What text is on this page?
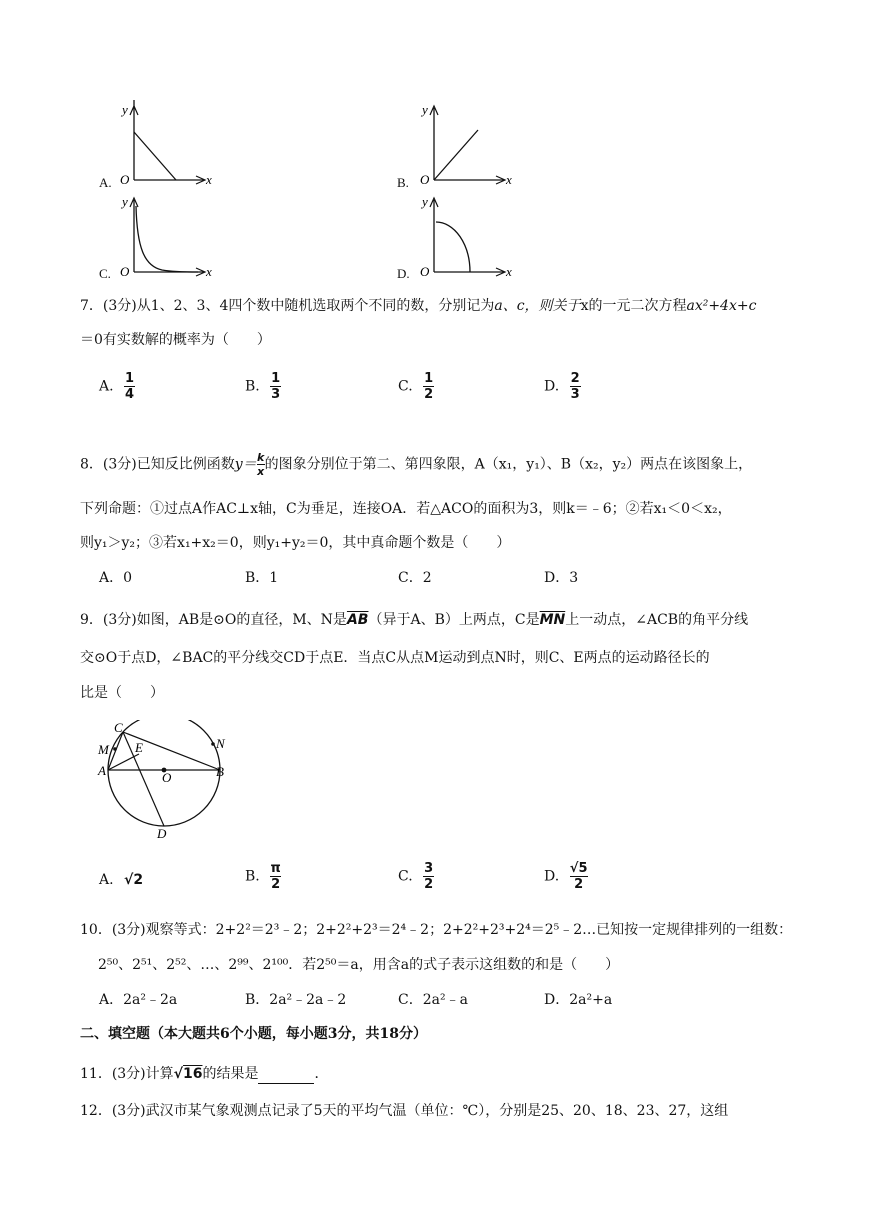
A.
y
x
O	B.
y
x
O
C.
y
x
O	D.
y
x
O
7．(3分)从1、2、3、4四个数中随机选取两个不同的数，分别记为a、c，则关于x的一元二次方程ax²+4x+c
＝0有实数解的概率为（　　）
A. $\frac{1}{4}$	B. $\frac{1}{3}$	C. $\frac{1}{2}$	D. $\frac{2}{3}$
8．(3分)已知反比例函数$y= \frac{k}{x}$ 的图象分别位于第二、第四象限，A（x₁，y₁）、B（x₂，y₂）两点在该图象上，
下列命题：①过点A作AC⊥x轴，C为垂足，连接OA．若△ACO的面积为3，则k＝﹣6；②若x₁＜0＜x₂，
则y₁＞y₂；③若x₁+x₂＝0，则y₁+y₂＝0，其中真命题个数是（　　）
A．0	B．1	C．2	D．3
9．(3分)如图，AB是⊙O的直径，M、N是$\overline{AB}$（异于A、B）上两点，C是$\overline{MN}$上一动点，∠ACB的角平分线
交⊙O于点D，∠BAC的平分线交CD于点E．当点C从点M运动到点N时，则C、E两点的运动路径长的
比是（　　）
C
M E	N
A	O	B
D
A. √2	B. $\frac{\pi}{2}$	C. $\frac{3}{2}$	D. $\frac{√5}{2}$
10．(3分)观察等式：2+2²＝2³﹣2；2+2²+2³＝2⁴﹣2；2+2²+2³+2⁴＝2⁵﹣2…已知按一定规律排列的一组数：
2⁵⁰、2⁵¹、2⁵²、…、2⁹⁹、2¹⁰⁰．若2⁵⁰＝a，用含a的式子表示这组数的和是（　　）
A．2a²﹣2a	B．2a²﹣2a﹣2	C．2a²﹣a	D．2a²+a
二、填空题（本大题共6个小题，每小题3分，共18分）
11．(3分)计算√16的结果是	．
12．(3分)武汉市某气象观测点记录了5天的平均气温（单位：℃），分别是25、20、18、23、27，这组
